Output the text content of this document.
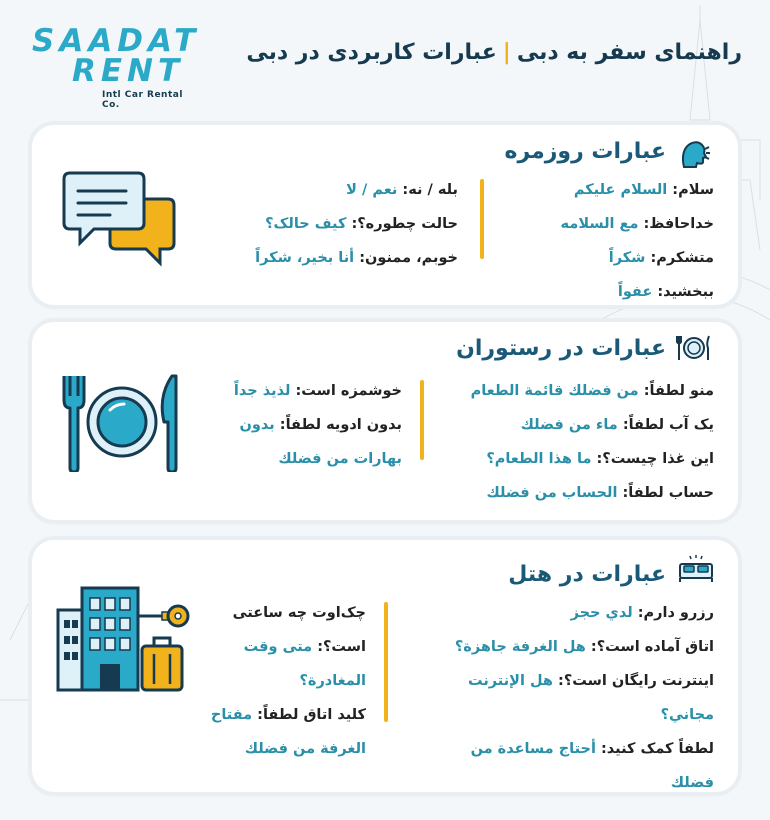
SAADAT
RENT
Intl Car Rental Co.
راهنمای سفر به دبی|عبارات کاربردی در دبی
عبارات روزمره

سلام: السلام علیکم

خداحافظ: مع السلامه

متشکرم: شکراً

ببخشید: عفواً

بله / نه: نعم / لا

حالت چطوره؟: کیف حالک؟

خوبم، ممنون: أنا بخیر، شكراً

عبارات در رستوران

منو لطفاً: من فضلك قائمة الطعام

یک آب لطفاً: ماء من فضلك

این غذا چیست؟: ما هذا الطعام؟

حساب لطفاً: الحساب من فضلك

خوشمزه است: لذیذ جداً

بدون ادویه لطفاً: بدون

بهارات من فضلك

عبارات در هتل

رزرو دارم: لدي حجز

اتاق آماده است؟: هل الغرفة جاهزة؟

اینترنت رایگان است؟: هل الإنترنت

مجاني؟

لطفاً کمک کنید: أحتاج مساعدة من

فضلك

چک‌اوت چه ساعتی

است؟: متى وقت

المغادرة؟

کلید اتاق لطفاً: مفتاح

الغرفة من فضلك
